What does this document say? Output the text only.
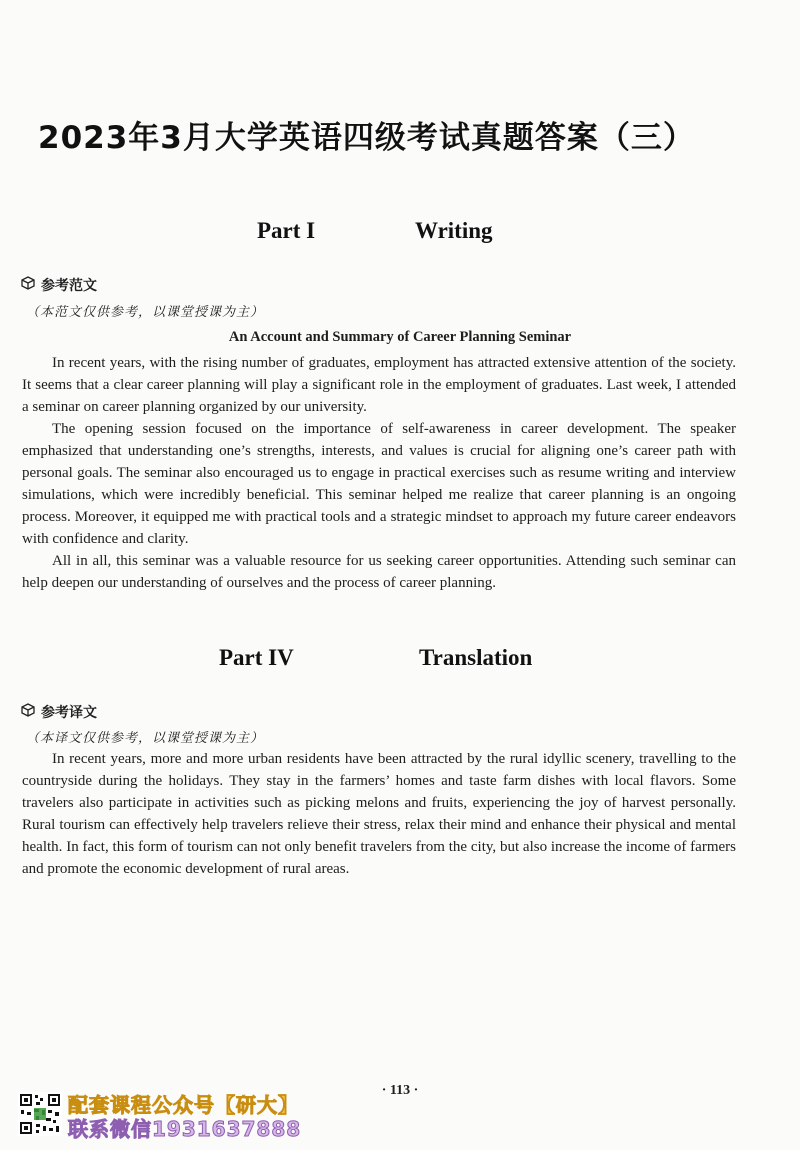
2023年3月大学英语四级考试真题答案（三）
Part I	Writing
参考范文
（本范文仅供参考，以课堂授课为主）
An Account and Summary of Career Planning Seminar

In recent years, with the rising number of graduates, employment has attracted extensive attention of the society. It seems that a clear career planning will play a significant role in the employment of graduates. Last week, I attended a seminar on career planning organized by our university.

The opening session focused on the importance of self-awareness in career development. The speaker emphasized that understanding one’s strengths, interests, and values is crucial for aligning one’s career path with personal goals. The seminar also encouraged us to engage in practical exercises such as resume writing and interview simulations, which were incredibly beneficial. This seminar helped me realize that career planning is an ongoing process. Moreover, it equipped me with practical tools and a strategic mindset to approach my future career endeavors with confidence and clarity.

All in all, this seminar was a valuable resource for us seeking career opportunities. Attending such seminar can help deepen our understanding of ourselves and the process of career planning.

Part IV	Translation
参考译文
（本译文仅供参考，以课堂授课为主）

In recent years, more and more urban residents have been attracted by the rural idyllic scenery, travelling to the countryside during the holidays. They stay in the farmers’ homes and taste farm dishes with local flavors. Some travelers also participate in activities such as picking melons and fruits, experiencing the joy of harvest personally. Rural tourism can effectively help travelers relieve their stress, relax their mind and enhance their physical and mental health. In fact, this form of tourism can not only benefit travelers from the city, but also increase the income of farmers and promote the economic development of rural areas.

· 113 ·
配套课程公众号【研大】
联系微信1931637888
